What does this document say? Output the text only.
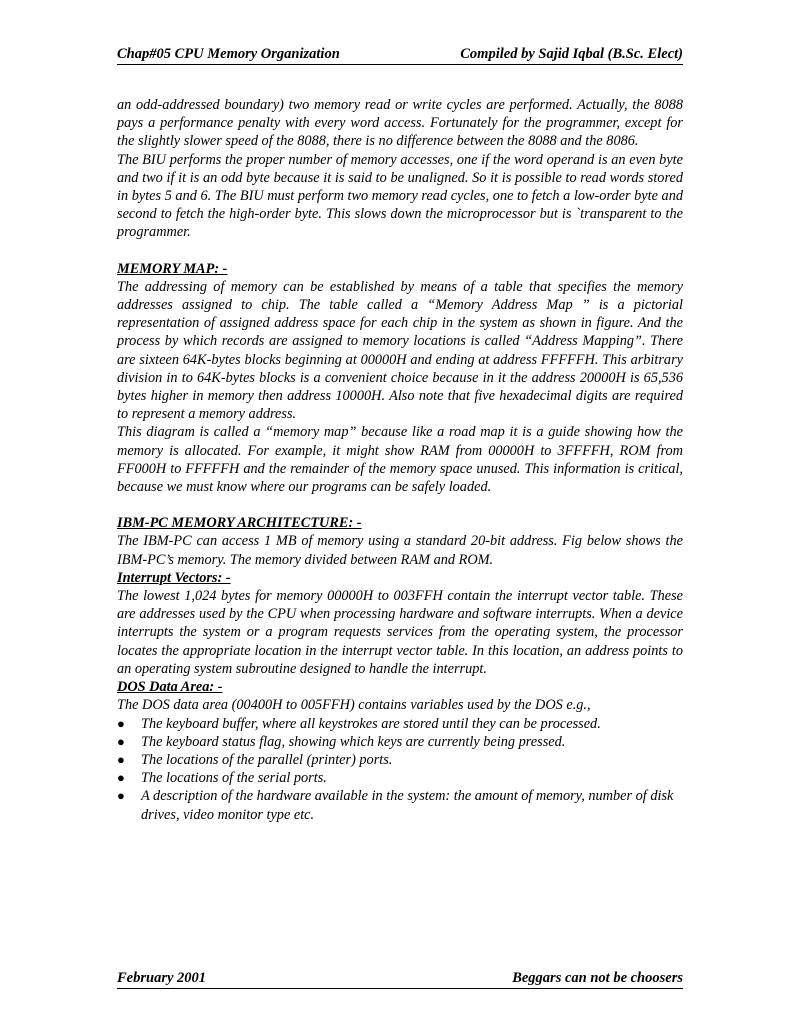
Chap#05 CPU Memory Organization	Compiled by Sajid Iqbal (B.Sc. Elect)

an odd-addressed boundary) two memory read or write cycles are performed. Actually, the 8088 pays a performance penalty with every word access. Fortunately for the programmer, except for the slightly slower speed of the 8088, there is no difference between the 8088 and the 8086.

The BIU performs the proper number of memory accesses, one if the word operand is an even byte and two if it is an odd byte because it is said to be unaligned. So it is possible to read words stored in bytes 5 and 6. The BIU must perform two memory read cycles, one to fetch a low-order byte and second to fetch the high-order byte. This slows down the microprocessor but is `transparent to the programmer.

MEMORY MAP: -

The addressing of memory can be established by means of a table that specifies the memory addresses assigned to chip. The table called a “Memory Address Map ” is a pictorial representation of assigned address space for each chip in the system as shown in figure. And the process by which records are assigned to memory locations is called “Address Mapping”. There are sixteen 64K-bytes blocks beginning at 00000H and ending at address FFFFFH. This arbitrary division in to 64K-bytes blocks is a convenient choice because in it the address 20000H is 65,536 bytes higher in memory then address 10000H. Also note that five hexadecimal digits are required to represent a memory address.

This diagram is called a “memory map” because like a road map it is a guide showing how the memory is allocated. For example, it might show RAM from 00000H to 3FFFFH, ROM from FF000H to FFFFFH and the remainder of the memory space unused. This information is critical, because we must know where our programs can be safely loaded.

IBM-PC MEMORY ARCHITECTURE: -

The IBM-PC can access 1 MB of memory using a standard 20-bit address. Fig below shows the IBM-PC’s memory. The memory divided between RAM and ROM.

Interrupt Vectors: -

The lowest 1,024 bytes for memory 00000H to 003FFH contain the interrupt vector table. These are addresses used by the CPU when processing hardware and software interrupts. When a device interrupts the system or a program requests services from the operating system, the processor locates the appropriate location in the interrupt vector table. In this location, an address points to an operating system subroutine designed to handle the interrupt.

DOS Data Area: -

The DOS data area (00400H to 005FFH) contains variables used by the DOS e.g.,

● The keyboard buffer, where all keystrokes are stored until they can be processed.
● The keyboard status flag, showing which keys are currently being pressed.
● The locations of the parallel (printer) ports.
● The locations of the serial ports.
● A description of the hardware available in the system: the amount of memory, number of disk drives, video monitor type etc.
February 2001	Beggars can not be choosers
